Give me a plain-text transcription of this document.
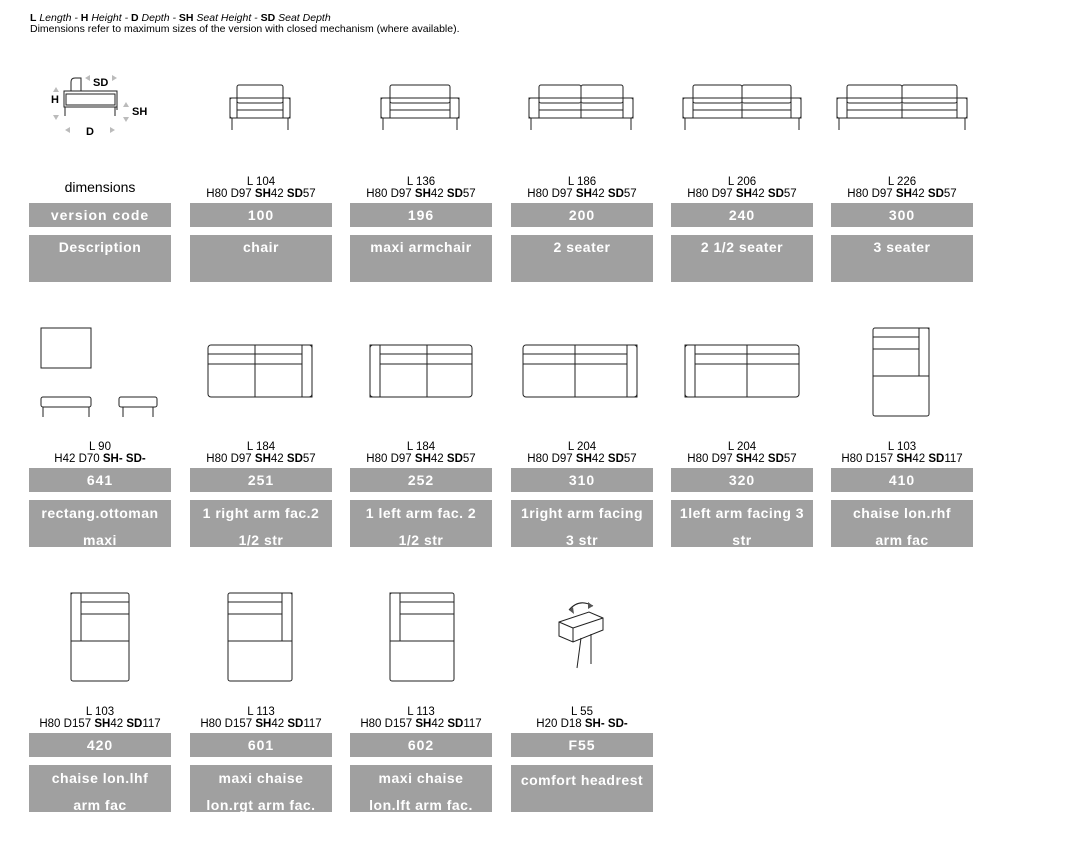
L Length - H Height - D Depth - SH Seat Height - SD Seat Depth
Dimensions refer to maximum sizes of the version with closed mechanism (where available).
SD
H
SH
D
dimensions
version code
Description
L 104
H80 D97 SH42 SD57
100
chair
L 136
H80 D97 SH42 SD57
196
maxi armchair
L 186
H80 D97 SH42 SD57
200
2 seater
L 206
H80 D97 SH42 SD57
240
2 1/2 seater
L 226
H80 D97 SH42 SD57
300
3 seater
L 90
H42 D70 SH- SD-
641
rectang.ottoman
maxi
L 184
H80 D97 SH42 SD57
251
1 right arm fac.2
1/2 str
L 184
H80 D97 SH42 SD57
252
1 left arm fac. 2
1/2 str
L 204
H80 D97 SH42 SD57
310
1right arm facing
3 str
L 204
H80 D97 SH42 SD57
320
1left arm facing 3
str
L 103
H80 D157 SH42 SD117
410
chaise lon.rhf
arm fac
L 103
H80 D157 SH42 SD117
420
chaise lon.lhf
arm fac
L 113
H80 D157 SH42 SD117
601
maxi chaise
lon.rgt arm fac.
L 113
H80 D157 SH42 SD117
602
maxi chaise
lon.lft arm fac.
L 55
H20 D18 SH- SD-
F55
comfort headrest
